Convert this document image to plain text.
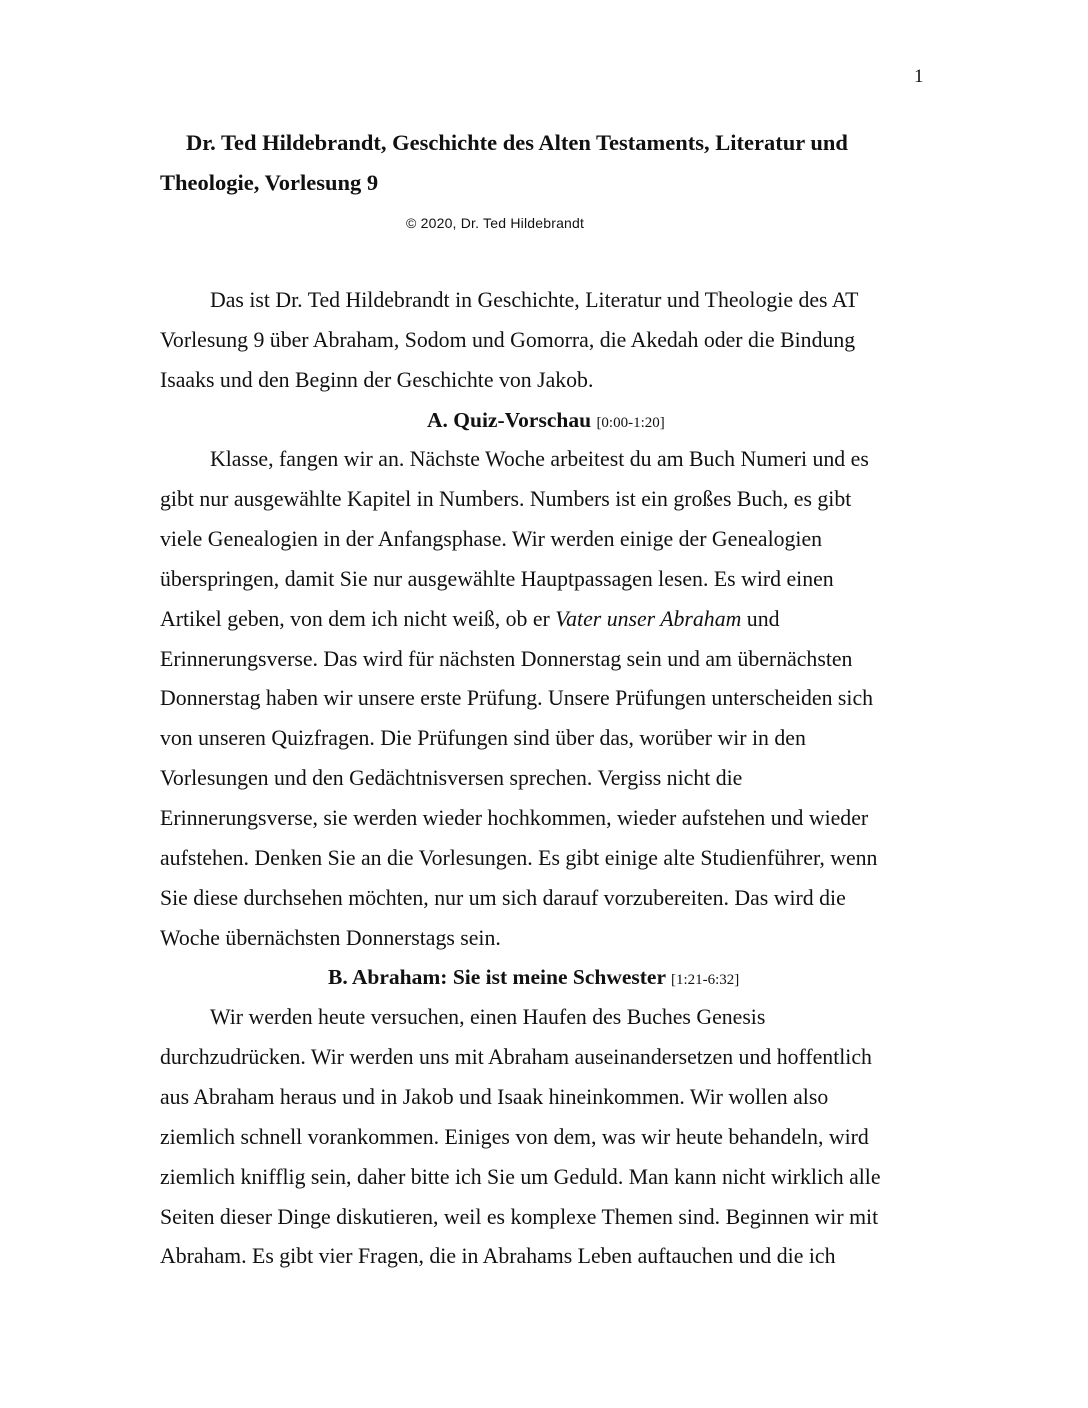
1
Dr. Ted Hildebrandt, Geschichte des Alten Testaments, Literatur und
Theologie, Vorlesung 9
© 2020, Dr. Ted Hildebrandt
A. Quiz-Vorschau [0:00-1:20]
B. Abraham: Sie ist meine Schwester [1:21-6:32]
Das ist Dr. Ted Hildebrandt in Geschichte, Literatur und Theologie des AT
Vorlesung 9 über Abraham, Sodom und Gomorra, die Akedah oder die Bindung
Isaaks und den Beginn der Geschichte von Jakob.
Klasse, fangen wir an. Nächste Woche arbeitest du am Buch Numeri und es
gibt nur ausgewählte Kapitel in Numbers. Numbers ist ein großes Buch, es gibt
viele Genealogien in der Anfangsphase. Wir werden einige der Genealogien
überspringen, damit Sie nur ausgewählte Hauptpassagen lesen. Es wird einen
Artikel geben, von dem ich nicht weiß, ob er Vater unser Abraham und
Erinnerungsverse. Das wird für nächsten Donnerstag sein und am übernächsten
Donnerstag haben wir unsere erste Prüfung. Unsere Prüfungen unterscheiden sich
von unseren Quizfragen. Die Prüfungen sind über das, worüber wir in den
Vorlesungen und den Gedächtnisversen sprechen. Vergiss nicht die
Erinnerungsverse, sie werden wieder hochkommen, wieder aufstehen und wieder
aufstehen. Denken Sie an die Vorlesungen. Es gibt einige alte Studienführer, wenn
Sie diese durchsehen möchten, nur um sich darauf vorzubereiten. Das wird die
Woche übernächsten Donnerstags sein.
Wir werden heute versuchen, einen Haufen des Buches Genesis
durchzudrücken. Wir werden uns mit Abraham auseinandersetzen und hoffentlich
aus Abraham heraus und in Jakob und Isaak hineinkommen. Wir wollen also
ziemlich schnell vorankommen. Einiges von dem, was wir heute behandeln, wird
ziemlich knifflig sein, daher bitte ich Sie um Geduld. Man kann nicht wirklich alle
Seiten dieser Dinge diskutieren, weil es komplexe Themen sind. Beginnen wir mit
Abraham. Es gibt vier Fragen, die in Abrahams Leben auftauchen und die ich
